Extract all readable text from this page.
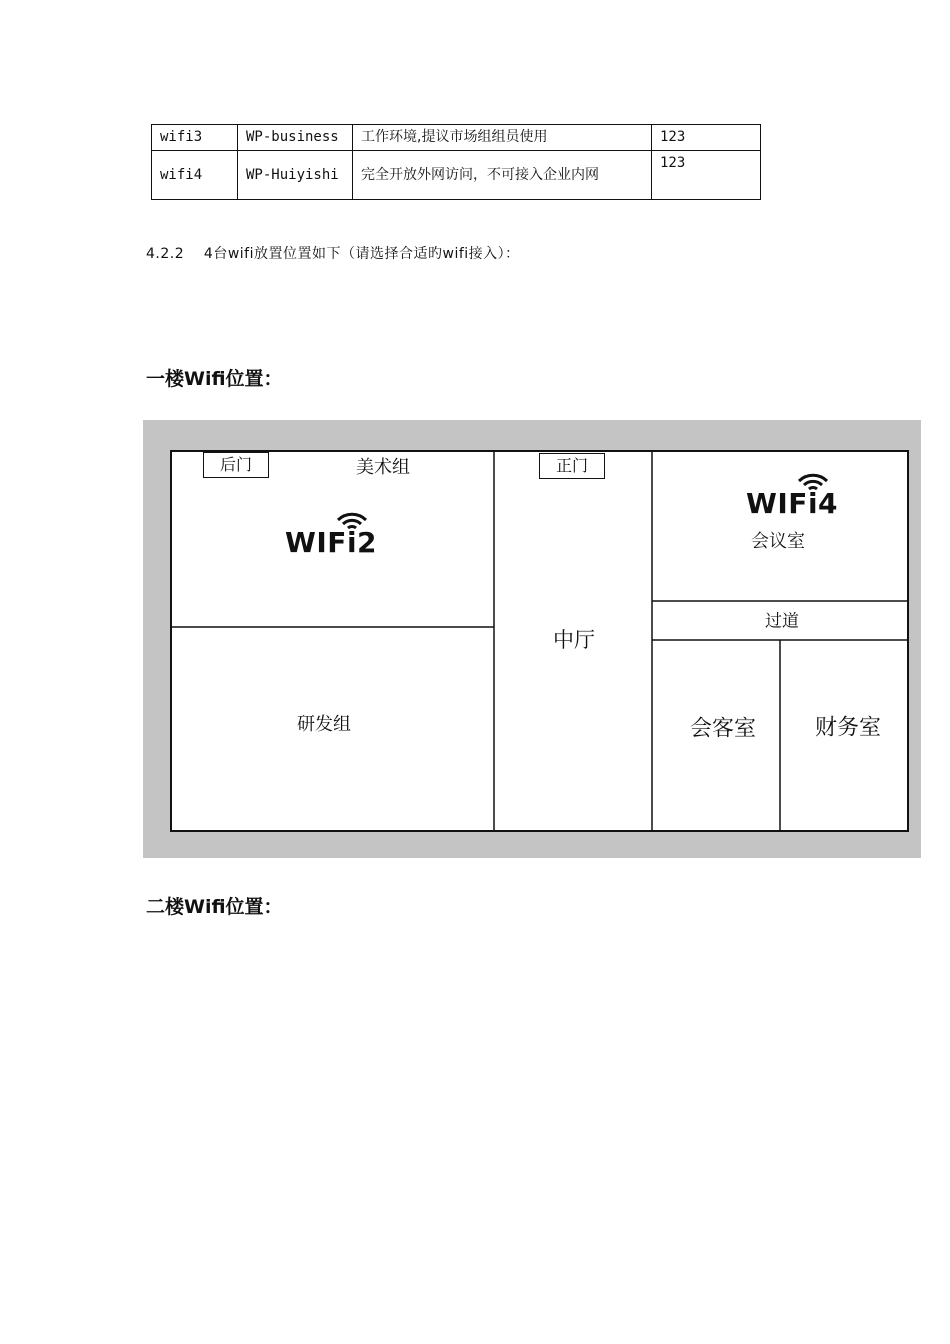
wifi3	WP-business	工作环境,提议市场组组员使用	123
wifi4	WP-Huiyishi	完全开放外网访问，不可接入企业内网	123
4.2.2    4台wifi放置位置如下（请选择合适旳wifi接入）：
一楼Wifi位置：
后门	正门
美术组
研发组
中厅
会议室
过道
会客室	财务室
WIF i 2
WIF i 4
二楼Wifi位置：
